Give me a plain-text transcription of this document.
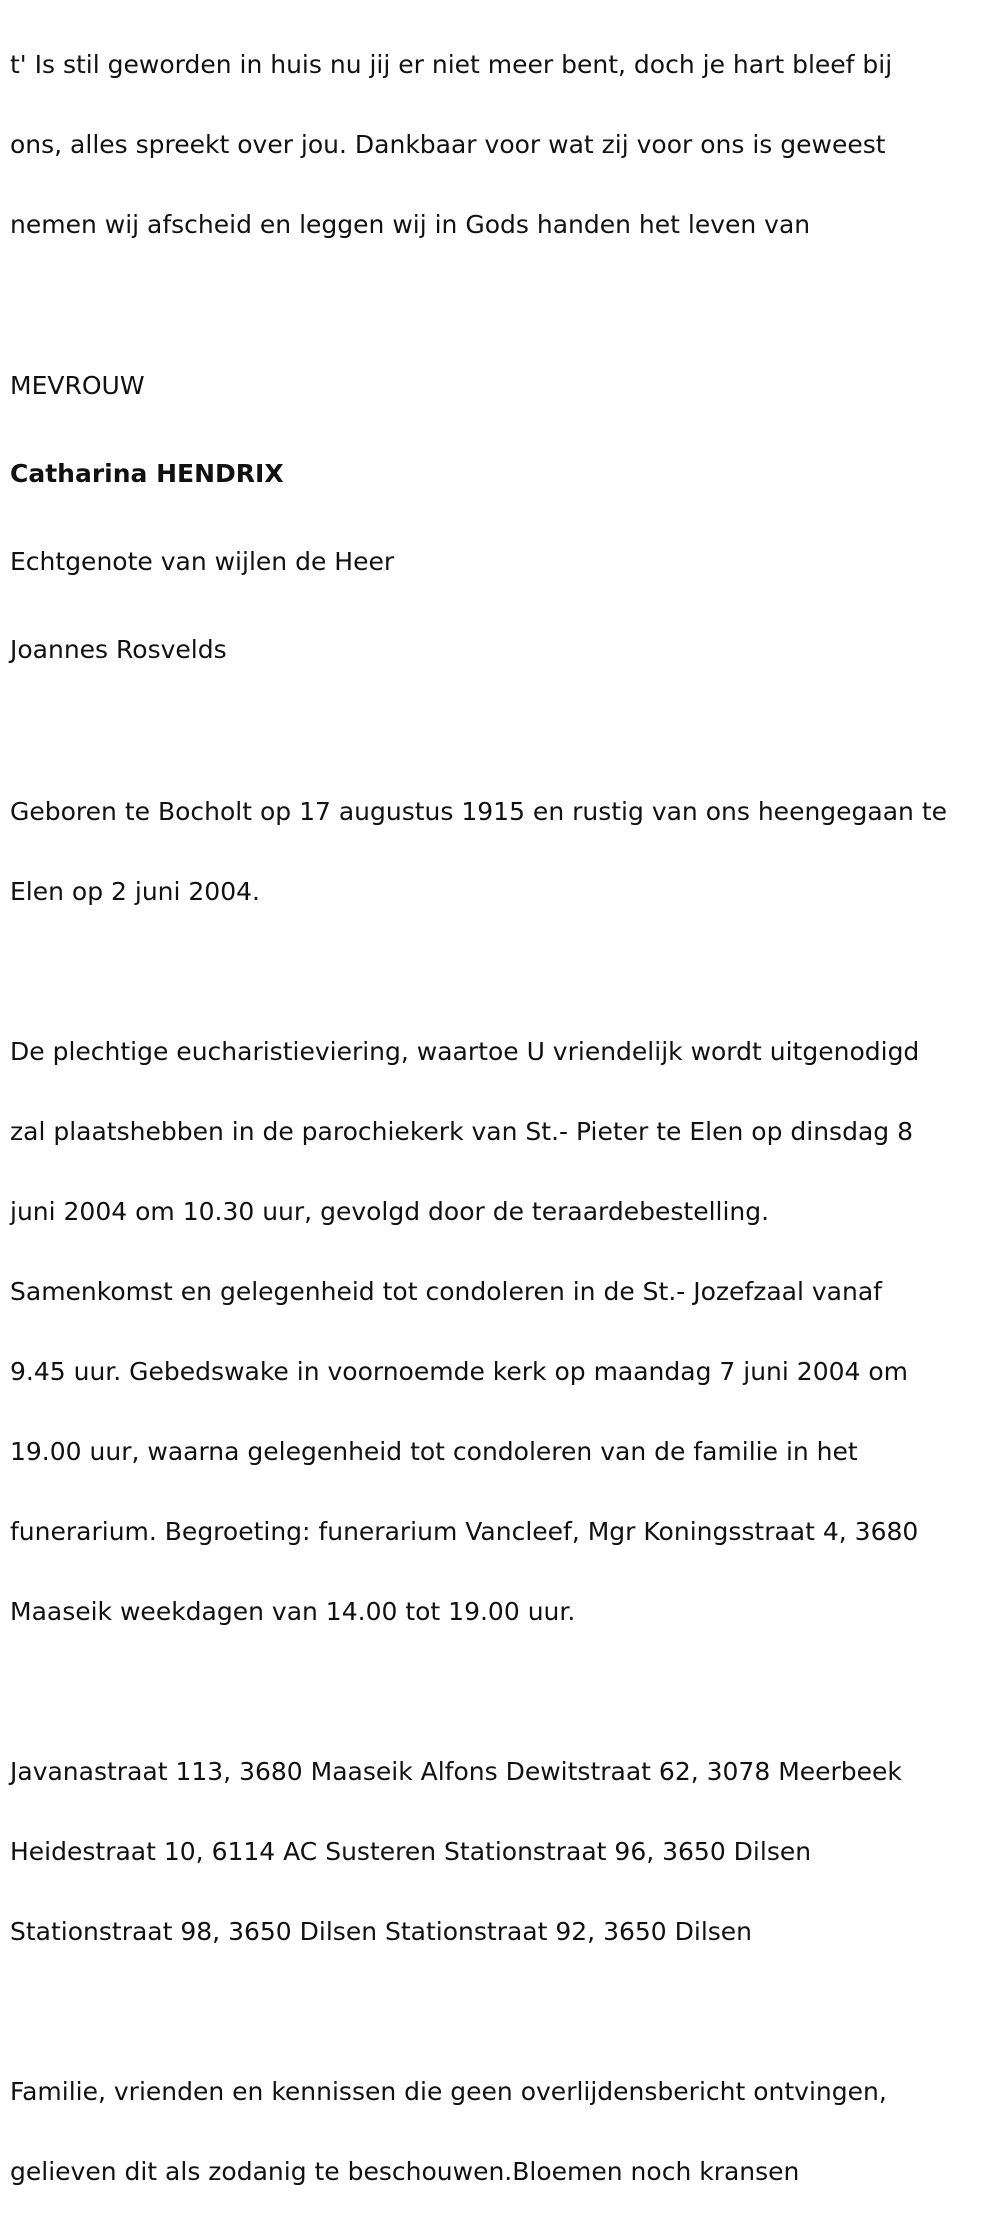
t' Is stil geworden in huis nu jij er niet meer bent, doch je hart bleef bij

ons, alles spreekt over jou. Dankbaar voor wat zij voor ons is geweest

nemen wij afscheid en leggen wij in Gods handen het leven van

MEVROUW

Catharina HENDRIX

Echtgenote van wijlen de Heer

Joannes Rosvelds

Geboren te Bocholt op 17 augustus 1915 en rustig van ons heengegaan te

Elen op 2 juni 2004.

De plechtige eucharistieviering, waartoe U vriendelijk wordt uitgenodigd

zal plaatshebben in de parochiekerk van St.- Pieter te Elen op dinsdag 8

juni 2004 om 10.30 uur, gevolgd door de teraardebestelling.

Samenkomst en gelegenheid tot condoleren in de St.- Jozefzaal vanaf

9.45 uur. Gebedswake in voornoemde kerk op maandag 7 juni 2004 om

19.00 uur, waarna gelegenheid tot condoleren van de familie in het

funerarium. Begroeting: funerarium Vancleef, Mgr Koningsstraat 4, 3680

Maaseik weekdagen van 14.00 tot 19.00 uur.

Javanastraat 113, 3680 Maaseik Alfons Dewitstraat 62, 3078 Meerbeek

Heidestraat 10, 6114 AC Susteren Stationstraat 96, 3650 Dilsen

Stationstraat 98, 3650 Dilsen Stationstraat 92, 3650 Dilsen

Familie, vrienden en kennissen die geen overlijdensbericht ontvingen,

gelieven dit als zodanig te beschouwen.Bloemen noch kransen
